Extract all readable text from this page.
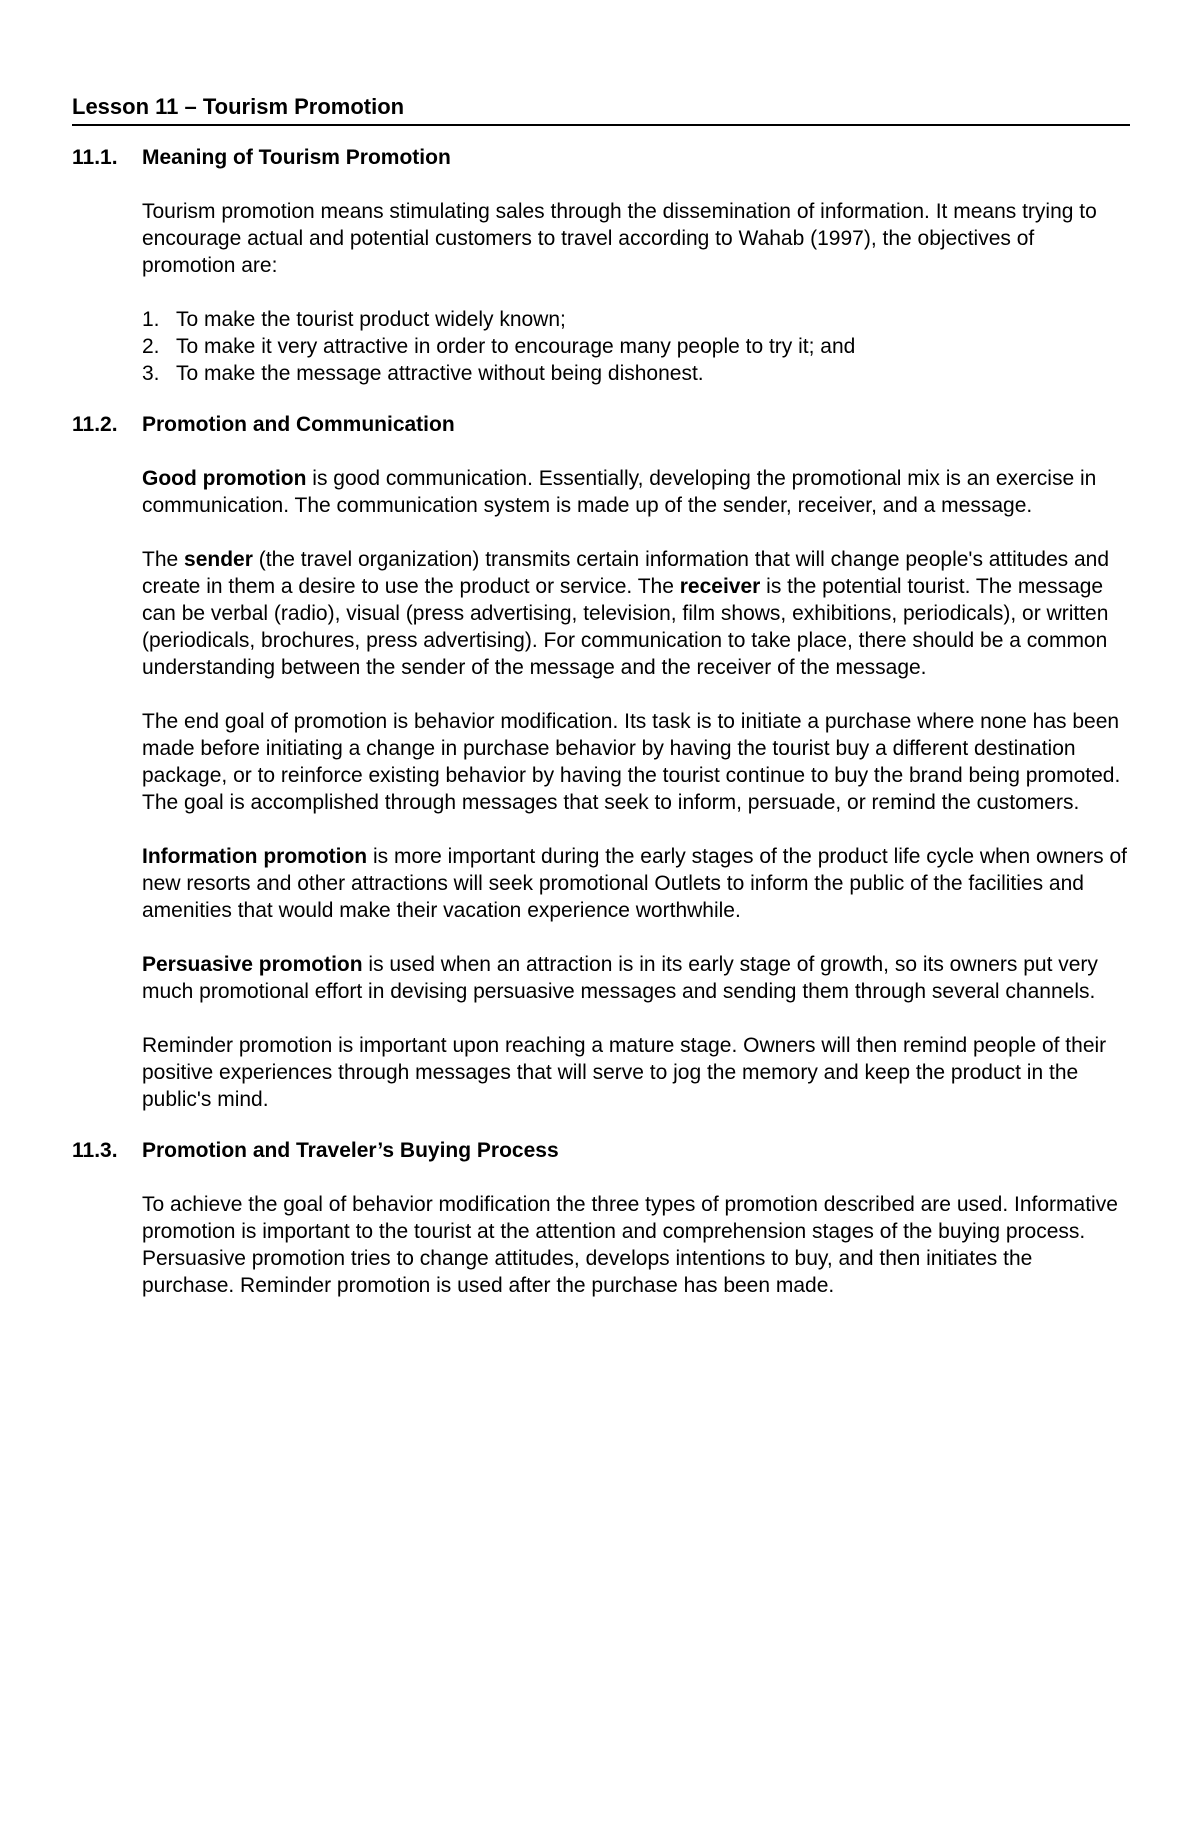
Lesson 11 – Tourism Promotion
11.1.	Meaning of Tourism Promotion

Tourism promotion means stimulating sales through the dissemination of information. It means trying to encourage actual and potential customers to travel according to Wahab (1997), the objectives of promotion are:

1. To make the tourist product widely known;
2. To make it very attractive in order to encourage many people to try it; and
3. To make the message attractive without being dishonest.
11.2.	Promotion and Communication

Good promotion is good communication. Essentially, developing the promotional mix is an exercise in communication. The communication system is made up of the sender, receiver, and a message.

The sender (the travel organization) transmits certain information that will change people's attitudes and create in them a desire to use the product or service. The receiver is the potential tourist. The message can be verbal (radio), visual (press advertising, television, film shows, exhibitions, periodicals), or written (periodicals, brochures, press advertising). For communication to take place, there should be a common understanding between the sender of the message and the receiver of the message.

The end goal of promotion is behavior modification. Its task is to initiate a purchase where none has been made before initiating a change in purchase behavior by having the tourist buy a different destination package, or to reinforce existing behavior by having the tourist continue to buy the brand being promoted. The goal is accomplished through messages that seek to inform, persuade, or remind the customers.

Information promotion is more important during the early stages of the product life cycle when owners of new resorts and other attractions will seek promotional Outlets to inform the public of the facilities and amenities that would make their vacation experience worthwhile.

Persuasive promotion is used when an attraction is in its early stage of growth, so its owners put very much promotional effort in devising persuasive messages and sending them through several channels.

Reminder promotion is important upon reaching a mature stage. Owners will then remind people of their positive experiences through messages that will serve to jog the memory and keep the product in the public's mind.

11.3.	Promotion and Traveler’s Buying Process

To achieve the goal of behavior modification the three types of promotion described are used. Informative promotion is important to the tourist at the attention and comprehension stages of the buying process. Persuasive promotion tries to change attitudes, develops intentions to buy, and then initiates the purchase. Reminder promotion is used after the purchase has been made.
